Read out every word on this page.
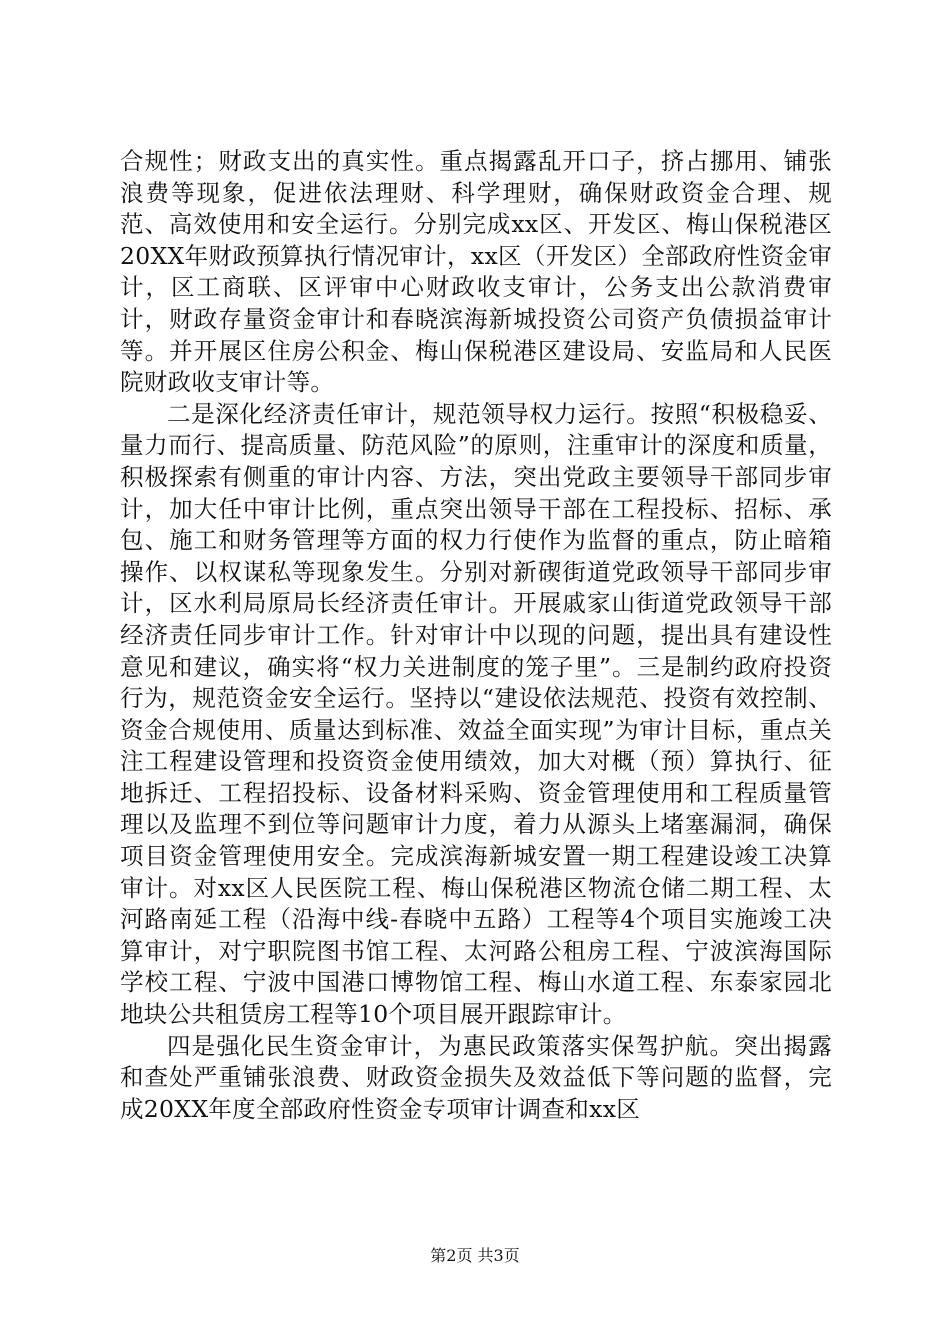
合规性；财政支出的真实性。重点揭露乱开口子，挤占挪用、铺张浪费等现象，促进依法理财、科学理财，确保财政资金合理、规范、高效使用和安全运行。分别完成xx区、开发区、梅山保税港区20XX年财政预算执行情况审计，xx区（开发区）全部政府性资金审计，区工商联、区评审中心财政收支审计，公务支出公款消费审计，财政存量资金审计和春晓滨海新城投资公司资产负债损益审计等。并开展区住房公积金、梅山保税港区建设局、安监局和人民医院财政收支审计等。

二是深化经济责任审计，规范领导权力运行。按照“积极稳妥、量力而行、提高质量、防范风险”的原则，注重审计的深度和质量，积极探索有侧重的审计内容、方法，突出党政主要领导干部同步审计，加大任中审计比例，重点突出领导干部在工程投标、招标、承包、施工和财务管理等方面的权力行使作为监督的重点，防止暗箱操作、以权谋私等现象发生。分别对新碶街道党政领导干部同步审计，区水利局原局长经济责任审计。开展戚家山街道党政领导干部经济责任同步审计工作。针对审计中以现的问题，提出具有建设性意见和建议，确实将“权力关进制度的笼子里”。三是制约政府投资行为，规范资金安全运行。坚持以“建设依法规范、投资有效控制、资金合规使用、质量达到标准、效益全面实现”为审计目标，重点关注工程建设管理和投资资金使用绩效，加大对概（预）算执行、征地拆迁、工程招投标、设备材料采购、资金管理使用和工程质量管理以及监理不到位等问题审计力度，着力从源头上堵塞漏洞，确保项目资金管理使用安全。完成滨海新城安置一期工程建设竣工决算审计。对xx区人民医院工程、梅山保税港区物流仓储二期工程、太河路南延工程（沿海中线-春晓中五路）工程等4个项目实施竣工决算审计，对宁职院图书馆工程、太河路公租房工程、宁波滨海国际学校工程、宁波中国港口博物馆工程、梅山水道工程、东泰家园北地块公共租赁房工程等10个项目展开跟踪审计。

四是强化民生资金审计，为惠民政策落实保驾护航。突出揭露和查处严重铺张浪费、财政资金损失及效益低下等问题的监督，完成20XX年度全部政府性资金专项审计调查和xx区

第2页 共3页
